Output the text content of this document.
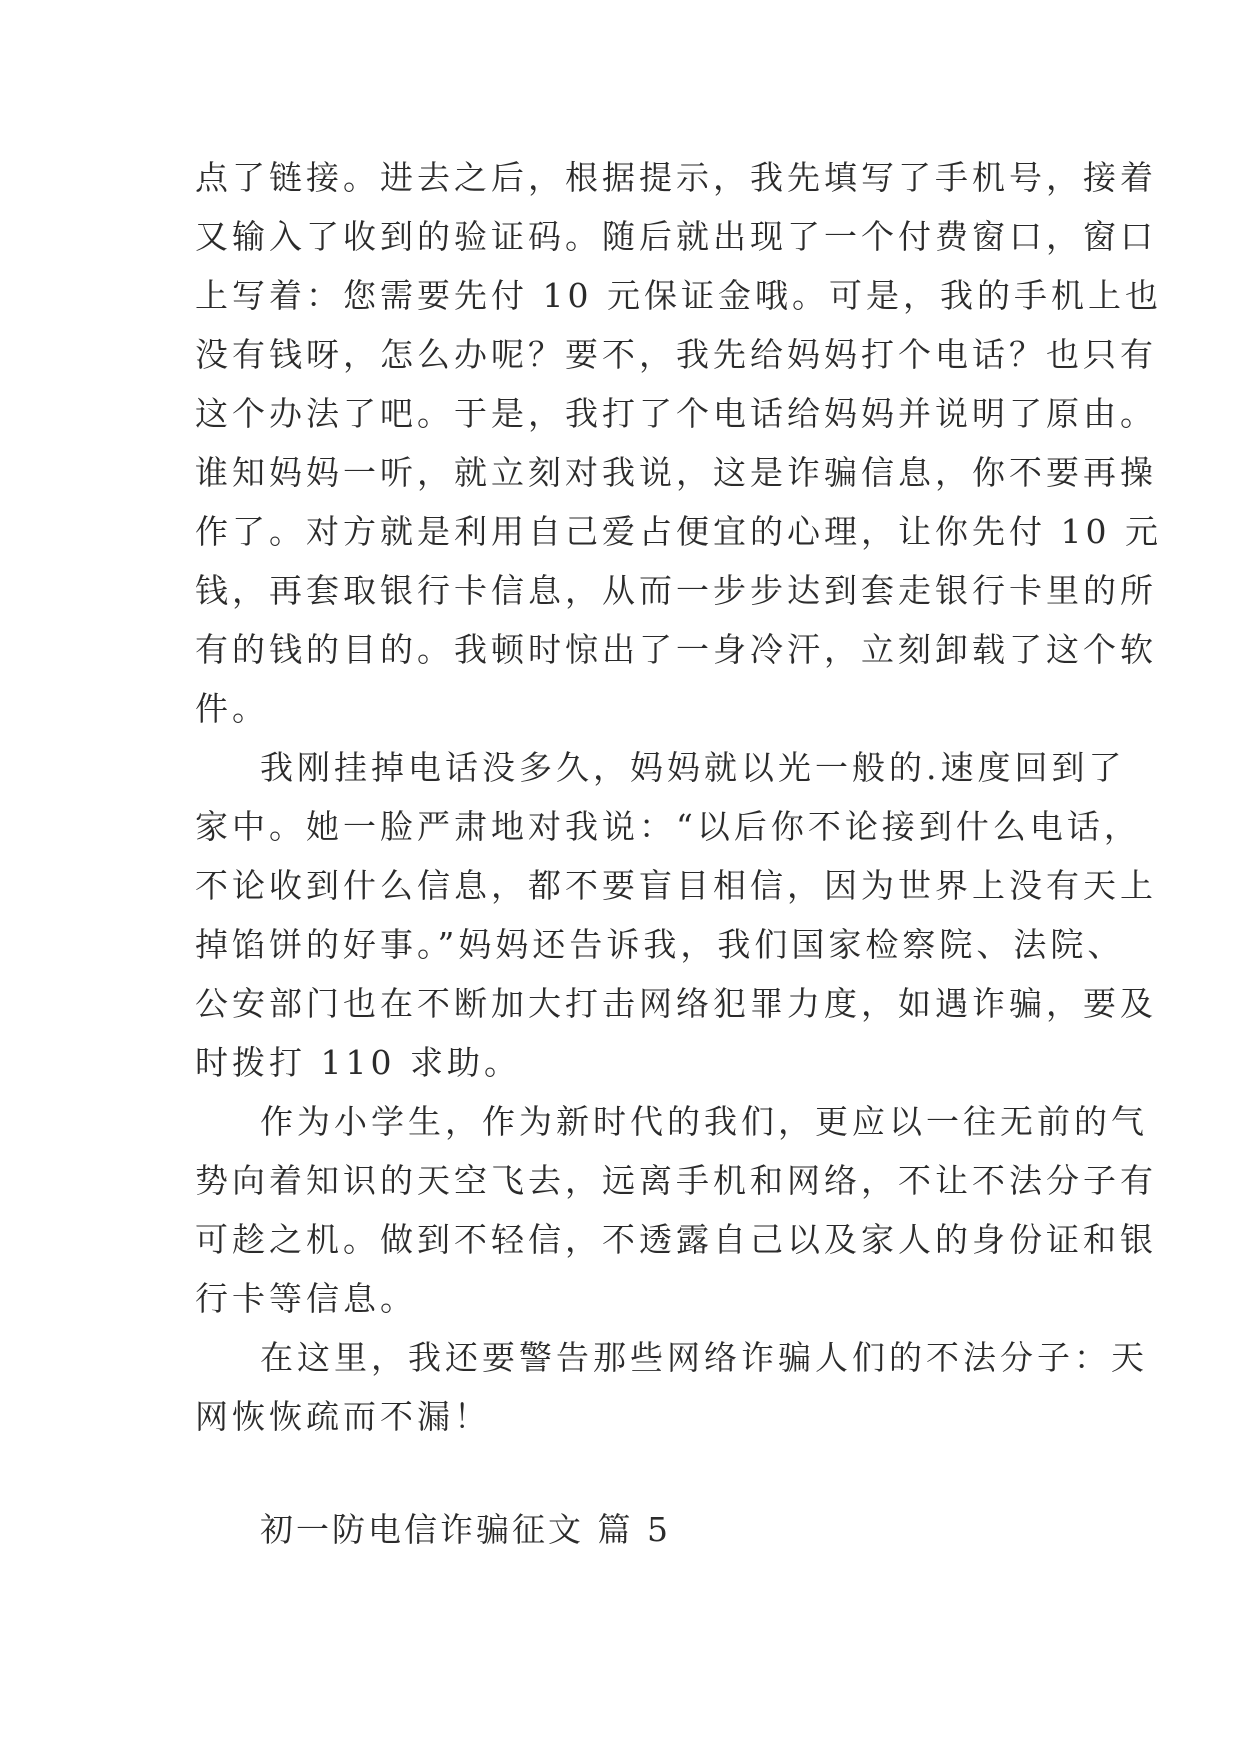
点了链接。进去之后，根据提示，我先填写了手机号，接着
又输入了收到的验证码。随后就出现了一个付费窗口，窗口
上写着：您需要先付 10 元保证金哦。可是，我的手机上也
没有钱呀，怎么办呢？要不，我先给妈妈打个电话？也只有
这个办法了吧。于是，我打了个电话给妈妈并说明了原由。
谁知妈妈一听，就立刻对我说，这是诈骗信息，你不要再操
作了。对方就是利用自己爱占便宜的心理，让你先付 10 元
钱，再套取银行卡信息，从而一步步达到套走银行卡里的所
有的钱的目的。我顿时惊出了一身冷汗，立刻卸载了这个软
件。
我刚挂掉电话没多久，妈妈就以光一般的.速度回到了
家中。她一脸严肃地对我说：“以后你不论接到什么电话，
不论收到什么信息，都不要盲目相信，因为世界上没有天上
掉馅饼的好事。”妈妈还告诉我，我们国家检察院、法院、
公安部门也在不断加大打击网络犯罪力度，如遇诈骗，要及
时拨打 110 求助。
作为小学生，作为新时代的我们，更应以一往无前的气
势向着知识的天空飞去，远离手机和网络，不让不法分子有
可趁之机。做到不轻信，不透露自己以及家人的身份证和银
行卡等信息。
在这里，我还要警告那些网络诈骗人们的不法分子：天
网恢恢疏而不漏！
初一防电信诈骗征文 篇 5
